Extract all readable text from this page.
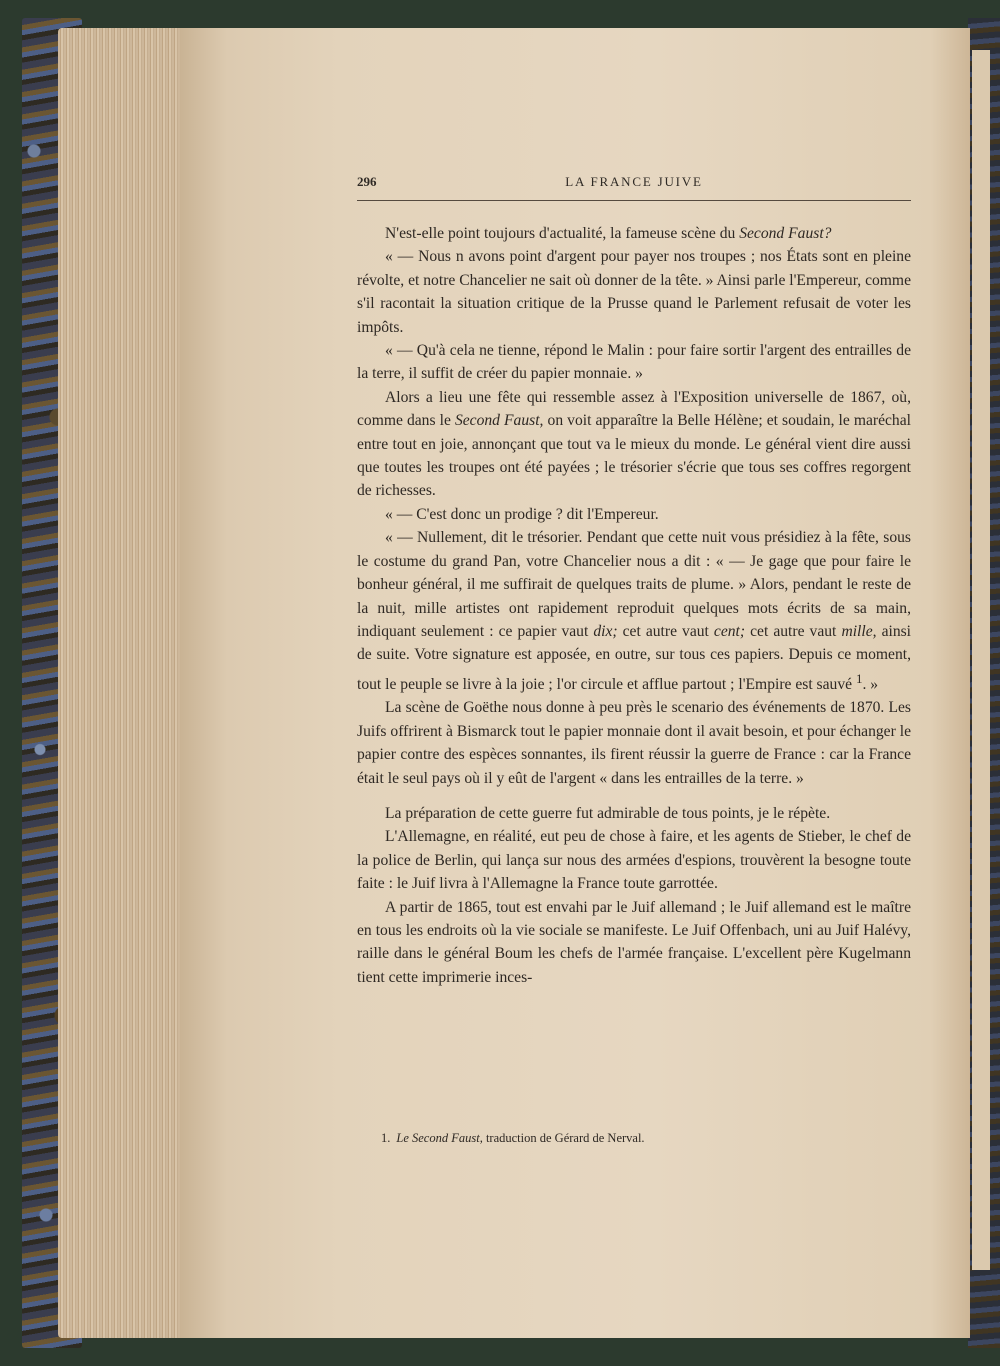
296	LA FRANCE JUIVE

N'est-elle point toujours d'actualité, la fameuse scène du Second Faust?

« — Nous n avons point d'argent pour payer nos troupes ; nos États sont en pleine révolte, et notre Chancelier ne sait où donner de la tête. » Ainsi parle l'Empereur, comme s'il racontait la situation critique de la Prusse quand le Parlement refusait de voter les impôts.

« — Qu'à cela ne tienne, répond le Malin : pour faire sortir l'argent des entrailles de la terre, il suffit de créer du papier monnaie. »

Alors a lieu une fête qui ressemble assez à l'Exposition universelle de 1867, où, comme dans le Second Faust, on voit apparaître la Belle Hélène; et soudain, le maréchal entre tout en joie, annonçant que tout va le mieux du monde. Le général vient dire aussi que toutes les troupes ont été payées ; le trésorier s'écrie que tous ses coffres regorgent de richesses.

« — C'est donc un prodige ? dit l'Empereur.

« — Nullement, dit le trésorier. Pendant que cette nuit vous présidiez à la fête, sous le costume du grand Pan, votre Chancelier nous a dit : « — Je gage que pour faire le bonheur général, il me suffirait de quelques traits de plume. » Alors, pendant le reste de la nuit, mille artistes ont rapidement reproduit quelques mots écrits de sa main, indiquant seulement : ce papier vaut dix; cet autre vaut cent; cet autre vaut mille, ainsi de suite. Votre signature est apposée, en outre, sur tous ces papiers. Depuis ce moment, tout le peuple se livre à la joie ; l'or circule et afflue partout ; l'Empire est sauvé $^1$. »

La scène de Goëthe nous donne à peu près le scenario des événements de 1870. Les Juifs offrirent à Bismarck tout le papier monnaie dont il avait besoin, et pour échanger le papier contre des espèces sonnantes, ils firent réussir la guerre de France : car la France était le seul pays où il y eût de l'argent « dans les entrailles de la terre. »

La préparation de cette guerre fut admirable de tous points, je le répète.

L'Allemagne, en réalité, eut peu de chose à faire, et les agents de Stieber, le chef de la police de Berlin, qui lança sur nous des armées d'espions, trouvèrent la besogne toute faite : le Juif livra à l'Allemagne la France toute garrottée.

A partir de 1865, tout est envahi par le Juif allemand ; le Juif allemand est le maître en tous les endroits où la vie sociale se manifeste. Le Juif Offenbach, uni au Juif Halévy, raille dans le général Boum les chefs de l'armée française. L'excellent père Kugelmann tient cette imprimerie inces-

1. Le Second Faust, traduction de Gérard de Nerval.
